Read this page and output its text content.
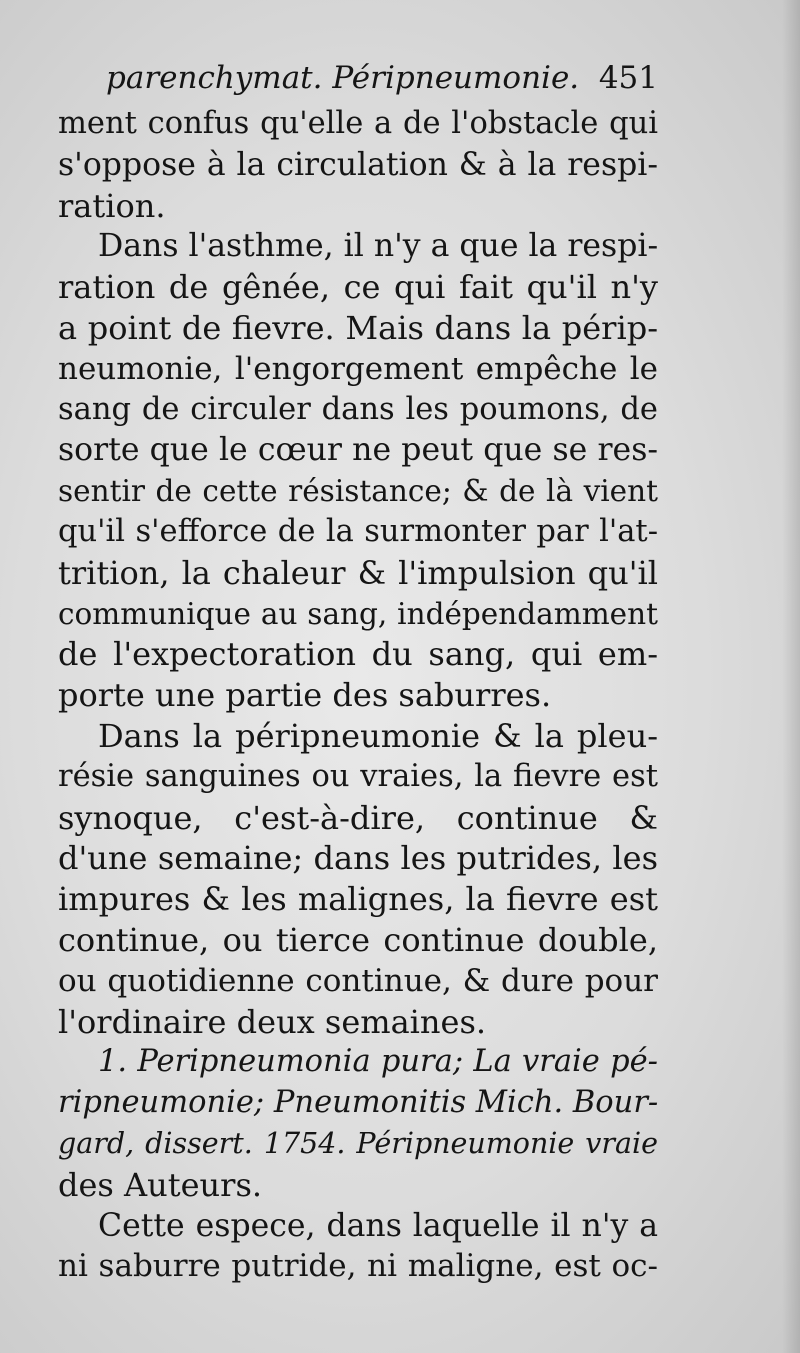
parenchymat. Péripneumonie. 451
ment confus qu'elle a de l'obstacle qui
s'oppose à la circulation & à la respi-
ration.
Dans l'asthme, il n'y a que la respi-
ration de gênée, ce qui fait qu'il n'y
a point de fievre. Mais dans la périp-
neumonie, l'engorgement empêche le
sang de circuler dans les poumons, de
sorte que le cœur ne peut que se res-
sentir de cette résistance; & de là vient
qu'il s'efforce de la surmonter par l'at-
trition, la chaleur & l'impulsion qu'il
communique au sang, indépendamment
de l'expectoration du sang, qui em-
porte une partie des saburres.
Dans la péripneumonie & la pleu-
résie sanguines ou vraies, la fievre est
synoque, c'est-à-dire, continue &
d'une semaine; dans les putrides, les
impures & les malignes, la fievre est
continue, ou tierce continue double,
ou quotidienne continue, & dure pour
l'ordinaire deux semaines.
1. Peripneumonia pura; La vraie pé-
ripneumonie; Pneumonitis Mich. Bour-
gard, dissert. 1754. Péripneumonie vraie
des Auteurs.
Cette espece, dans laquelle il n'y a
ni saburre putride, ni maligne, est oc-
